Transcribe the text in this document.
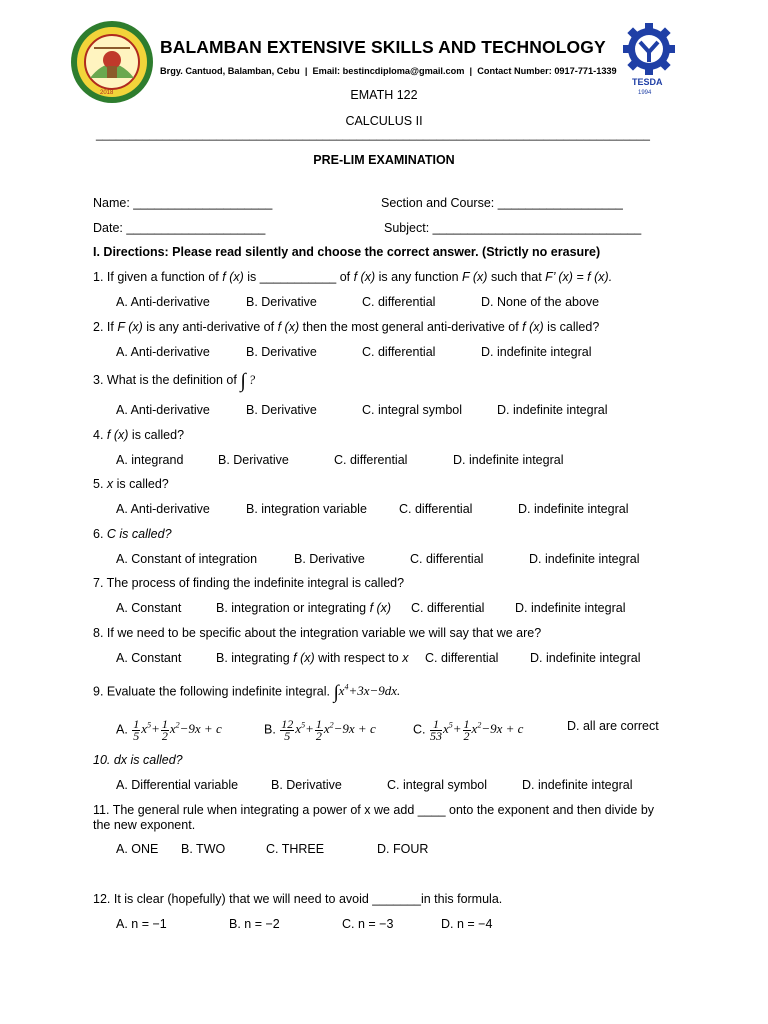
2018
BALAMBAN EXTENSIVE SKILLS AND TECHNOLOGY
Brgy. Cantuod, Balamban, Cebu  |  Email: bestincdiploma@gmail.com  |  Contact Number: 0917-771-1339
TESDA
1994
EMATH 122
CALCULUS II
___________________________________________________________________________________
PRE-LIM EXAMINATION
Name: ____________________	Section and Course: __________________
Date: ____________________	Subject: ______________________________
I. Directions: Please read silently and choose the correct answer. (Strictly no erasure)
1. If given a function of f (x) is ___________ of f (x) is any function F (x) such that F’ (x) = f (x).
A. Anti-derivative	B. Derivative	C. differential	D. None of the above
2. If F (x) is any anti-derivative of f (x) then the most general anti-derivative of f (x) is called?
A. Anti-derivative	B. Derivative	C. differential	D. indefinite integral
3. What is the definition of ∫ ?
A. Anti-derivative	B. Derivative	C. integral symbol	D. indefinite integral
4. f (x) is called?
A. integrand	B. Derivative	C. differential	D. indefinite integral
5. x is called?
A. Anti-derivative	B. integration variable	C. differential	D. indefinite integral
6. C is called?
A. Constant of integration	B. Derivative	C. differential	D. indefinite integral
7. The process of finding the indefinite integral is called?
A. Constant	B. integration or integrating f (x) C. differential D. indefinite integral
8. If we need to be specific about the integration variable we will say that we are?
A. Constant	B. integrating f (x) with respect to x C. differential	D. indefinite integral
9. Evaluate the following indefinite integral. $\int x^4+3x-9dx$.
A. $\frac{1}{5} x^5+ \frac{1}{2} x^2-9x + c$	B. $\frac{12}{5} x^5+ \frac{1}{2} x^2-9x + c$	C. $\frac{1}{53} x^5+ \frac{1}{2} x^2-9x + c$	D. all are correct
10. dx is called?
A. Differential variable	B. Derivative	C. integral symbol	D. indefinite integral
11. The general rule when integrating a power of x we add ____ onto the exponent and then divide by
the new exponent.
A. ONE B. TWO	C. THREE	D. FOUR
12. It is clear (hopefully) that we will need to avoid _______in this formula.
A. n = −1	B. n = −2	C. n = −3	D. n = −4
